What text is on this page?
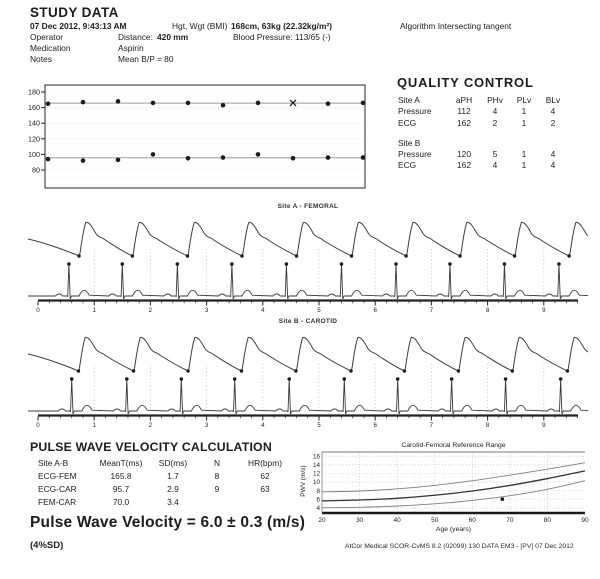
STUDY DATA
07 Dec 2012, 9:43:13 AM	Hgt, Wgt (BMI) 168cm, 63kg (22.32kg/m²)	Algorithm Intersecting tangent
Operator	Distance: 420 mm	Blood Pressure: 113/65 (-)
Medication	Aspirin
Notes	Mean B/P = 80
80
100
120
140
160
180
QUALITY CONTROL
Site A	aPH	PHv	PLv	BLv
Pressure	112	4	1	4
ECG	162	2	1	2
Site B
Pressure	120	5	1	4
ECG	162	4	1	4
Site A - FEMORAL
0	1	2	3	4	5	6	7	8	9
Site B - CAROTID
0	1	2	3	4	5	6	7	8	9
PULSE WAVE VELOCITY CALCULATION
Site A-B	MeanT(ms)	SD(ms)	N	HR(bpm)
ECG-FEM	165.8	1.7	8	62
ECG-CAR	95.7	2.9	9	63
FEM-CAR	70.0	3.4
Carotid-Femoral Reference Range
4
6
8
10
12
14
16
20	30	40	50	60	70	80	90
Age (years)
PWV (m/s)
Pulse Wave Velocity = 6.0 ± 0.3 (m/s)
(4%SD)	AtCor Medical SCOR-CvMS 8.2 (02099) 130 DATA EM3 - [PV] 07 Dec 2012
